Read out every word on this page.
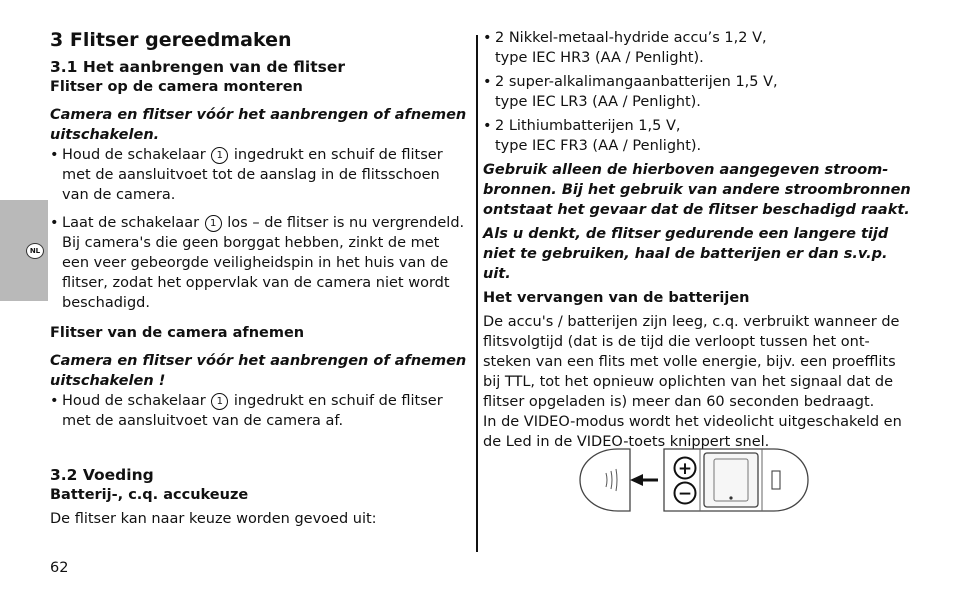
NL
3 Flitser gereedmaken
3.1 Het aanbrengen van de flitser
Flitser op de camera monteren

Camera en flitser vóór het aanbrengen of afnemen uitschakelen.

• Houd de schakelaar 1 ingedrukt en schuif de flitser met de aansluitvoet tot de aanslag in de flitsschoen van de camera.

• Laat de schakelaar 1 los – de flitser is nu vergrendeld. Bij camera's die geen borggat hebben, zinkt de met een veer gebeorgde veiligheidspin in het huis van de flitser, zodat het oppervlak van de camera niet wordt beschadigd.

Flitser van de camera afnemen

Camera en flitser vóór het aanbrengen of afnemen uitschakelen !

• Houd de schakelaar 1 ingedrukt en schuif de flitser met de aansluitvoet van de camera af.

3.2 Voeding
Batterij-, c.q. accukeuze

De flitser kan naar keuze worden gevoed uit:

• 2 Nikkel-metaal-hydride accu’s 1,2 V,
type IEC HR3 (AA / Penlight).
• 2 super-alkalimangaanbatterijen 1,5 V,
type IEC LR3 (AA / Penlight).
• 2 Lithiumbatterijen 1,5 V,
type IEC FR3 (AA / Penlight).

Gebruik alleen de hierboven aangegeven stroom-bronnen. Bij het gebruik van andere stroombronnen ontstaat het gevaar dat de flitser beschadigd raakt.

Als u denkt, de flitser gedurende een langere tijd niet te gebruiken, haal de batterijen er dan s.v.p. uit.

Het vervangen van de batterijen

De accu's / batterijen zijn leeg, c.q. verbruikt wanneer de flitsvolgtijd (dat is de tijd die verloopt tussen het ont-steken van een flits met volle energie, bijv. een proefflits bij TTL, tot het opnieuw oplichten van het signaal dat de flitser opgeladen is) meer dan 60 seconden bedraagt.

In de VIDEO-modus wordt het videolicht uitgeschakeld en de Led in de VIDEO-toets knippert snel.

+
−
62
